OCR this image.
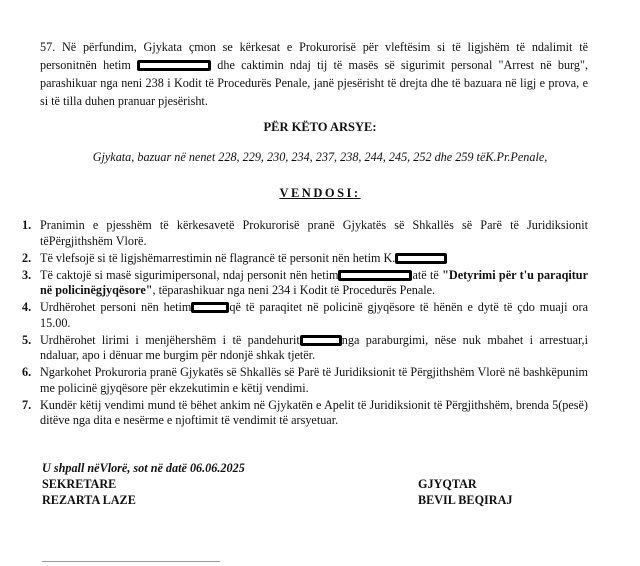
57. Në përfundim, Gjykata çmon se kërkesat e Prokurorisë për vleftësim si të ligjshëm të ndalimit të personitnën hetim	dhe caktimin ndaj tij të masës së sigurimit personal "Arrest në burg", parashikuar nga neni 238 i Kodit të Procedurës Penale, janë pjesërisht të drejta dhe të bazuara në ligj e prova, e si të tilla duhen pranuar pjesërisht.

PËR KËTO ARSYE:
Gjykata, bazuar në nenet 228, 229, 230, 234, 237, 238, 244, 245, 252 dhe 259 tëK.Pr.Penale,
VENDOSI:
1. Pranimin e pjesshëm të kërkesavetë Prokurorisë pranë Gjykatës së Shkallës së Parë të Juridiksionit tëPërgjithshëm Vlorë.
2. Të vlefsojë si të ligjshëmarrestimin në flagrancë të personit nën hetim K.
3. Të caktojë si masë sigurimipersonal, ndaj personit nën hetim	atë të "Detyrimi për t'u paraqitur në policinëgjyqësore", tëparashikuar nga neni 234 i Kodit të Procedurës Penale.
4. Urdhërohet personi nën hetim	që të paraqitet në policinë gjyqësore të hënën e dytë të çdo muaji ora 15.00.
5. Urdhërohet lirimi i menjëhershëm i të pandehurit	nga paraburgimi, nëse nuk mbahet i arrestuar,i ndaluar, apo i dënuar me burgim për ndonjë shkak tjetër.
6. Ngarkohet Prokuroria pranë Gjykatës së Shkallës së Parë të Juridiksionit të Përgjithshëm Vlorë në bashkëpunim me policinë gjyqësore për ekzekutimin e këtij vendimi.
7. Kundër këtij vendimi mund të bëhet ankim në Gjykatën e Apelit të Juridiksionit të Përgjithshëm, brenda 5(pesë) ditëve nga dita e nesërme e njoftimit të vendimit të arsyetuar.
U shpall nëVlorë, sot në datë 06.06.2025
SEKRETARE
REZARTA LAZE
GJYQTAR
BEVIL BEQIRAJ
